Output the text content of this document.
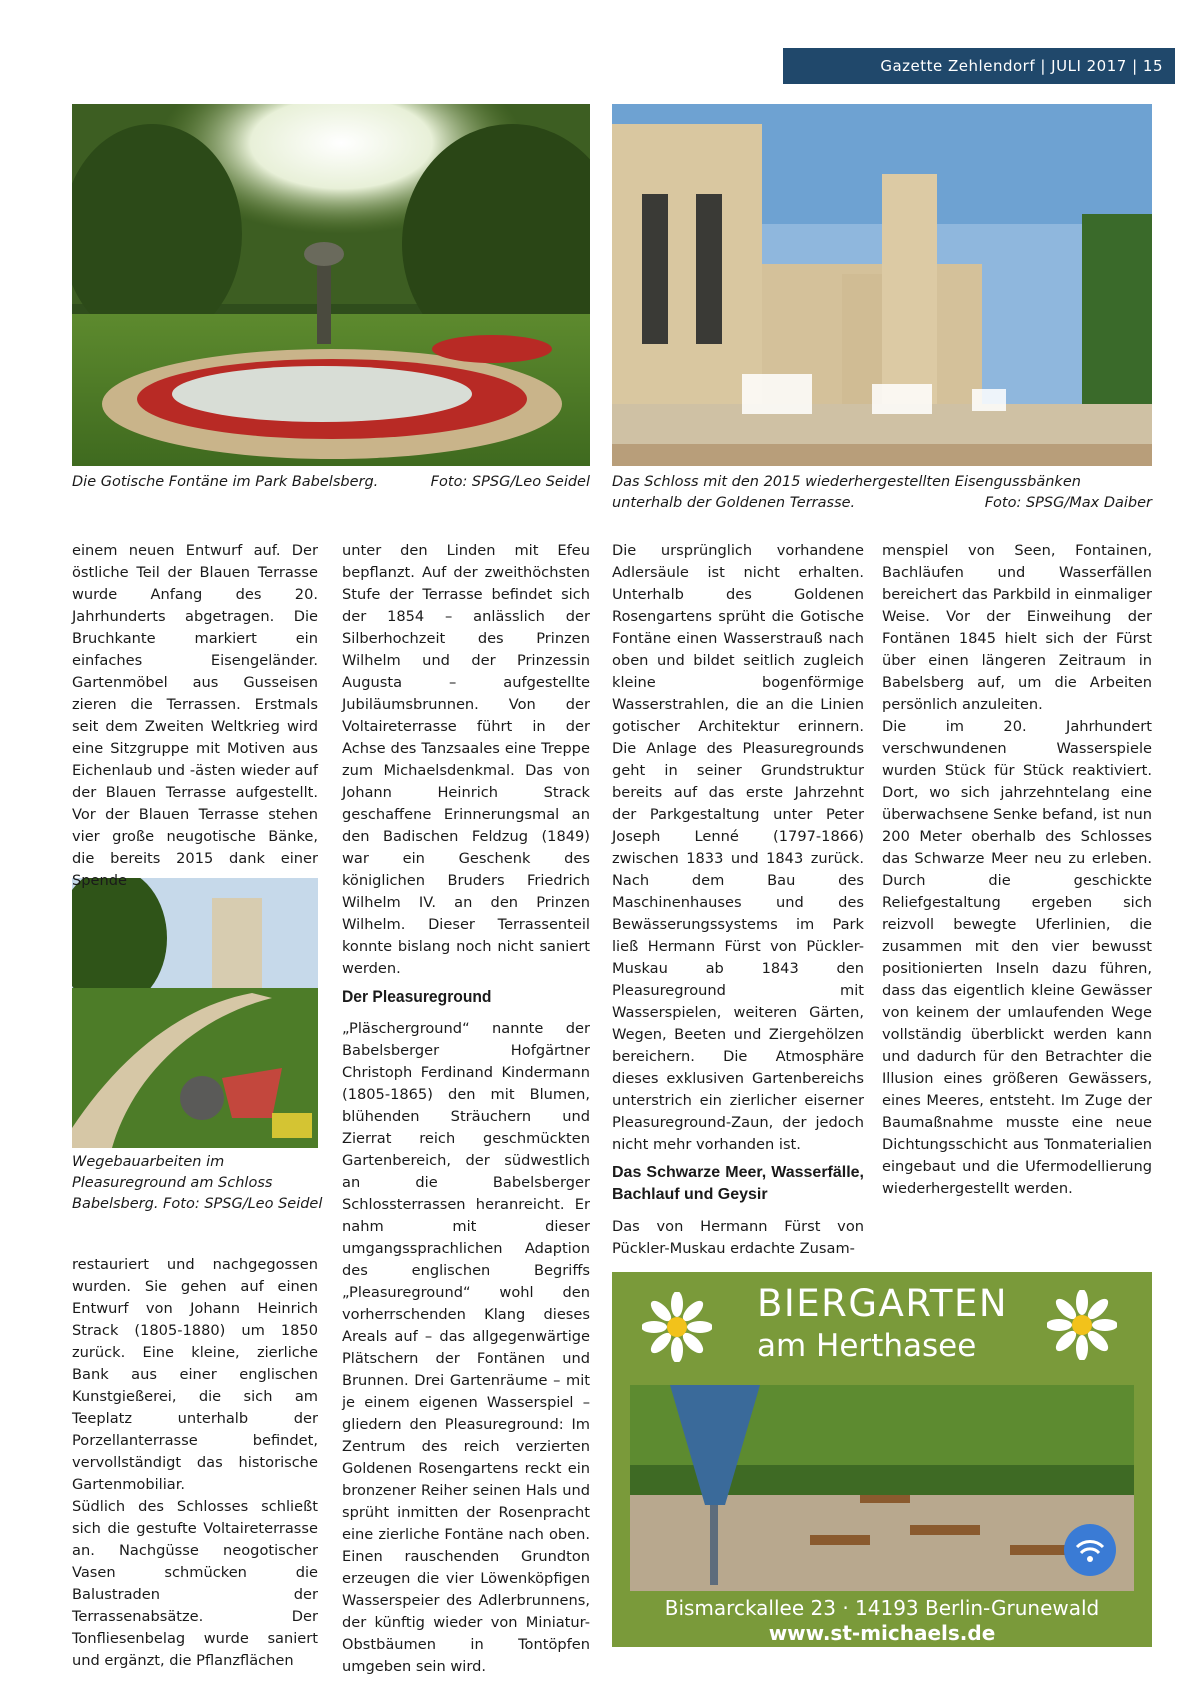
Gazette Zehlendorf | JULI 2017 | 15
Die Gotische Fontäne im Park Babelsberg.	Foto: SPSG/Leo Seidel Das Schloss mit den 2015 wiederhergestellten Eisengussbänken
unterhalb der Goldenen Terrasse.	Foto: SPSG/Max Daiber
Wegebauarbeiten im
Pleasureground am Schloss
Babelsberg. Foto: SPSG/Leo Seidel

einem neuen Entwurf auf. Der östliche Teil der Blauen Terrasse wurde Anfang des 20. Jahrhunderts abgetragen. Die Bruchkante markiert ein einfaches Eisengeländer. Gartenmöbel aus Gusseisen zieren die Terrassen. Erstmals seit dem Zweiten Weltkrieg wird eine Sitzgruppe mit Motiven aus Eichenlaub und -ästen wieder auf der Blauen Terrasse aufgestellt. Vor der Blauen Terrasse stehen vier große neugotische Bänke, die bereits 2015 dank einer Spende

restauriert und nachgegossen wurden. Sie gehen auf einen Entwurf von Johann Heinrich Strack (1805-1880) um 1850 zurück. Eine kleine, zierliche Bank aus einer englischen Kunstgießerei, die sich am Teeplatz unterhalb der Porzellanterrasse befindet, vervollständigt das historische Gartenmobiliar.

Südlich des Schlosses schließt sich die gestufte Voltaireterrasse an. Nachgüsse neogotischer Vasen schmücken die Balustraden der Terrassenabsätze. Der Tonfliesenbelag wurde saniert und ergänzt, die Pflanzflächen

unter den Linden mit Efeu bepflanzt. Auf der zweithöchsten Stufe der Terrasse befindet sich der 1854 – anlässlich der Silberhochzeit des Prinzen Wilhelm und der Prinzessin Augusta – aufgestellte Jubiläumsbrunnen. Von der Voltaireterrasse führt in der Achse des Tanzsaales eine Treppe zum Michaelsdenkmal. Das von Johann Heinrich Strack geschaffene Erinnerungsmal an den Badischen Feldzug (1849) war ein Geschenk des königlichen Bruders Friedrich Wilhelm IV. an den Prinzen Wilhelm. Dieser Terrassenteil konnte bislang noch nicht saniert werden.

Der Pleasureground

„Pläscherground“ nannte der Babelsberger Hofgärtner Christoph Ferdinand Kindermann (1805-1865) den mit Blumen, blühenden Sträuchern und Zierrat reich geschmückten Gartenbereich, der südwestlich an die Babelsberger Schlossterrassen heranreicht. Er nahm mit dieser umgangssprachlichen Adaption des englischen Begriffs „Pleasureground“ wohl den vorherrschenden Klang dieses Areals auf – das allgegenwärtige Plätschern der Fontänen und Brunnen. Drei Gartenräume – mit je einem eigenen Wasserspiel – gliedern den Pleasureground: Im Zentrum des reich verzierten Goldenen Rosengartens reckt ein bronzener Reiher seinen Hals und sprüht inmitten der Rosenpracht eine zierliche Fontäne nach oben. Einen rauschenden Grundton erzeugen die vier Löwenköpfigen Wasserspeier des Adlerbrunnens, der künftig wieder von Miniatur-Obstbäumen in Tontöpfen umgeben sein wird.

Die ursprünglich vorhandene Adlersäule ist nicht erhalten. Unterhalb des Goldenen Rosengartens sprüht die Gotische Fontäne einen Wasserstrauß nach oben und bildet seitlich zugleich kleine bogenförmige Wasserstrahlen, die an die Linien gotischer Architektur erinnern. Die Anlage des Pleasuregrounds geht in seiner Grundstruktur bereits auf das erste Jahrzehnt der Parkgestaltung unter Peter Joseph Lenné (1797-1866) zwischen 1833 und 1843 zurück. Nach dem Bau des Maschinenhauses und des Bewässerungssystems im Park ließ Hermann Fürst von Pückler-Muskau ab 1843 den Pleasureground mit Wasserspielen, weiteren Gärten, Wegen, Beeten und Ziergehölzen bereichern. Die Atmosphäre dieses exklusiven Gartenbereichs unterstrich ein zierlicher eiserner Pleasureground-Zaun, der jedoch nicht mehr vorhanden ist.

Das Schwarze Meer, Wasserfälle, Bachlauf und Geysir

Das von Hermann Fürst von Pückler-Muskau erdachte Zusam-

menspiel von Seen, Fontainen, Bachläufen und Wasserfällen bereichert das Parkbild in einmaliger Weise. Vor der Einweihung der Fontänen 1845 hielt sich der Fürst über einen längeren Zeitraum in Babelsberg auf, um die Arbeiten persönlich anzuleiten.

Die im 20. Jahrhundert verschwundenen Wasserspiele wurden Stück für Stück reaktiviert. Dort, wo sich jahrzehntelang eine überwachsene Senke befand, ist nun 200 Meter oberhalb des Schlosses das Schwarze Meer neu zu erleben. Durch die geschickte Reliefgestaltung ergeben sich reizvoll bewegte Uferlinien, die zusammen mit den vier bewusst positionierten Inseln dazu führen, dass das eigentlich kleine Gewässer von keinem der umlaufenden Wege vollständig überblickt werden kann und dadurch für den Betrachter die Illusion eines größeren Gewässers, eines Meeres, entsteht. Im Zuge der Baumaßnahme musste eine neue Dichtungsschicht aus Tonmaterialien eingebaut und die Ufermodellierung wiederhergestellt werden.

BIERGARTEN
am Herthasee
Bismarckallee 23 · 14193 Berlin-Grunewald
www.st-michaels.de
